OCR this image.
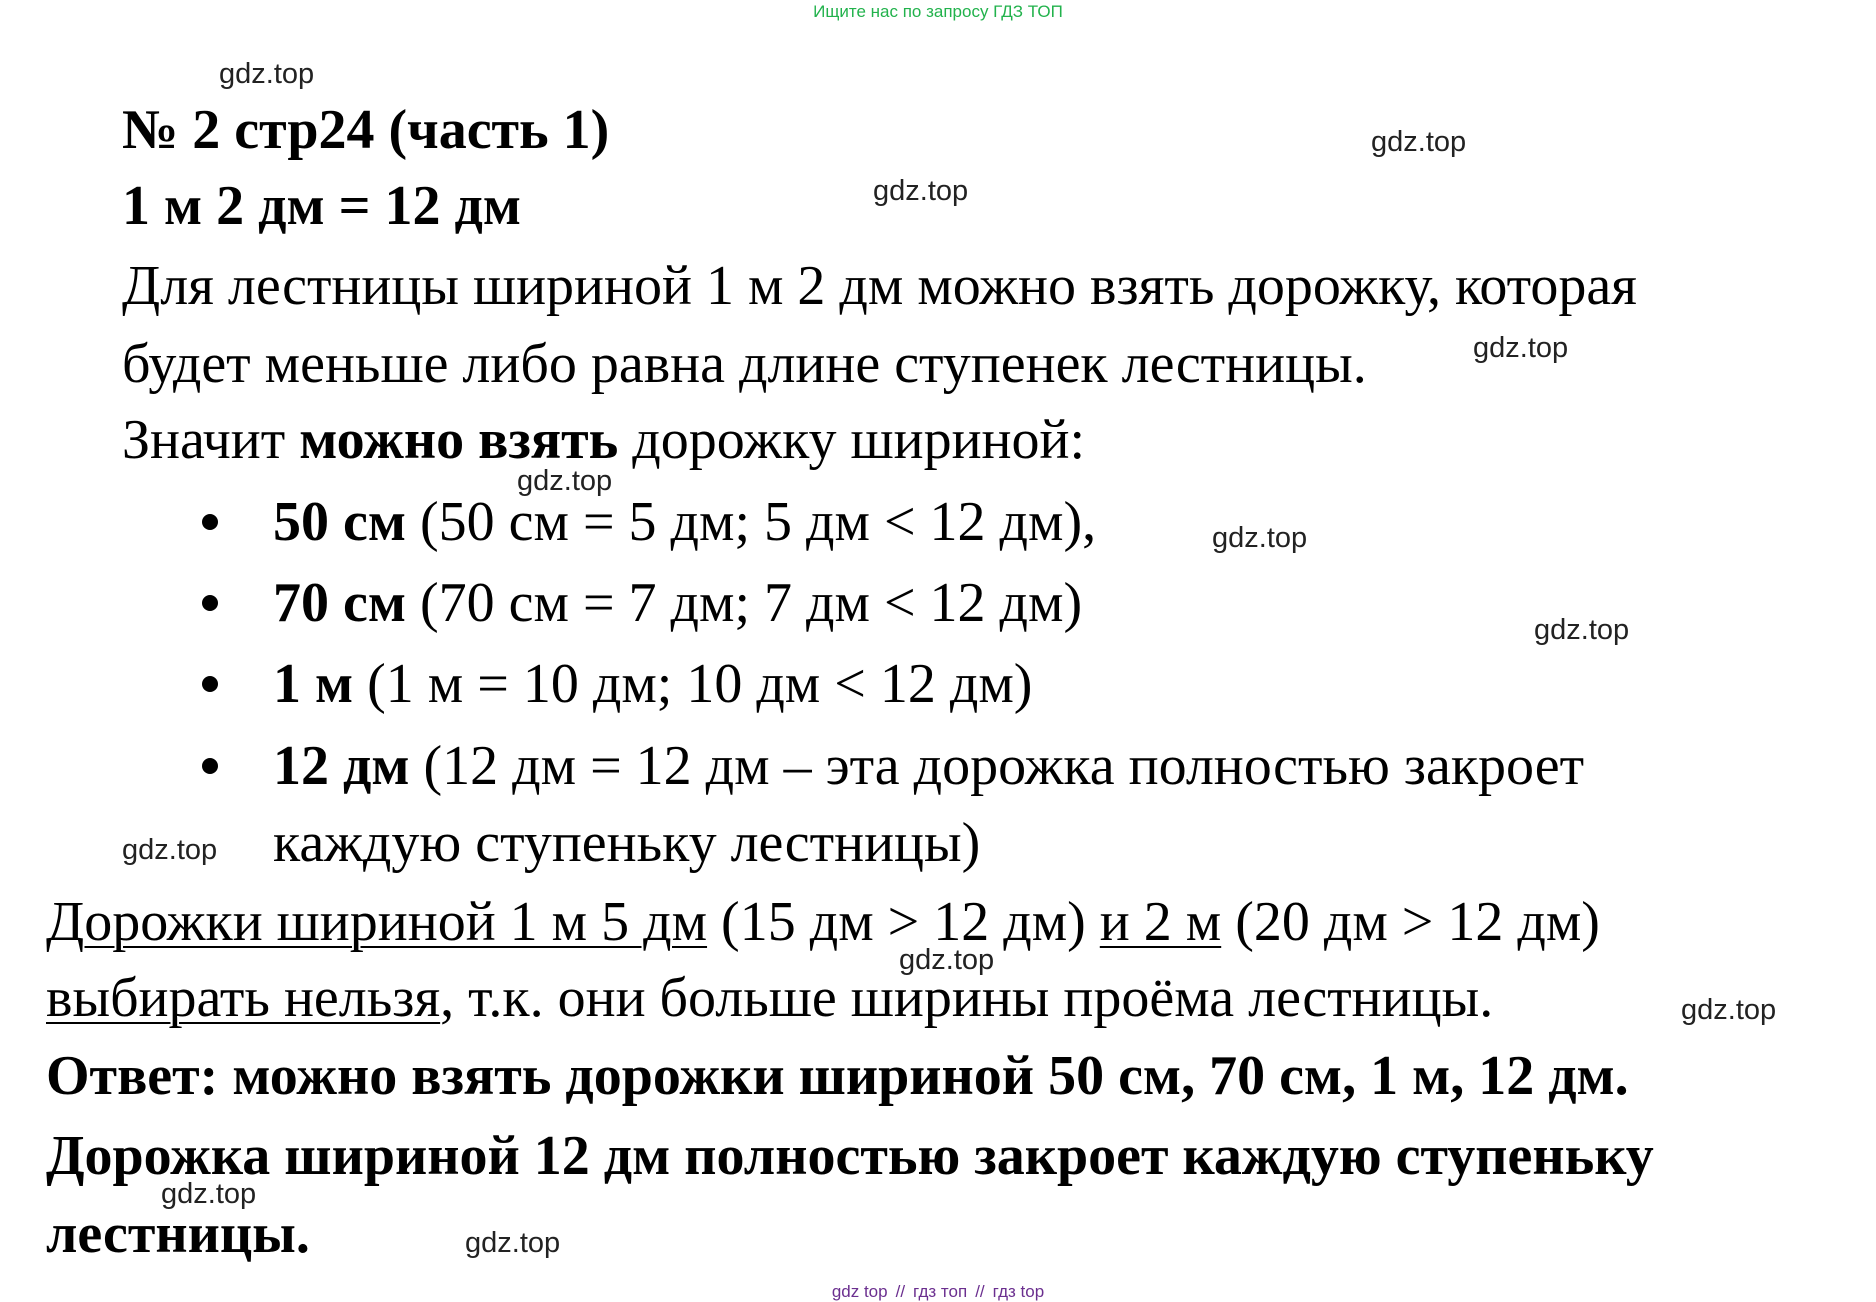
Ищите нас по запросу ГДЗ ТОП
gdz.top
gdz.top
gdz.top
gdz.top
gdz.top
gdz.top
gdz.top
gdz.top
gdz.top
gdz.top
gdz.top
gdz.top
№ 2 стр24 (часть 1)
1 м 2 дм = 12 дм
Для лестницы шириной 1 м 2 дм можно взять дорожку, которая
будет меньше либо равна длине ступенек лестницы.
Значит можно взять дорожку шириной:
50 см (50 см = 5 дм; 5 дм < 12 дм),
70 см (70 см = 7 дм; 7 дм < 12 дм)
1 м (1 м = 10 дм; 10 дм < 12 дм)
12 дм (12 дм = 12 дм – эта дорожка полностью закроет
каждую ступеньку лестницы)
Дорожки шириной 1 м 5 дм (15 дм > 12 дм) и 2 м (20 дм > 12 дм)
выбирать нельзя, т.к. они больше ширины проёма лестницы.
Ответ: можно взять дорожки шириной 50 см, 70 см, 1 м, 12 дм.
Дорожка шириной 12 дм полностью закроет каждую ступеньку
лестницы.
gdz top // гдз топ // гдз top
